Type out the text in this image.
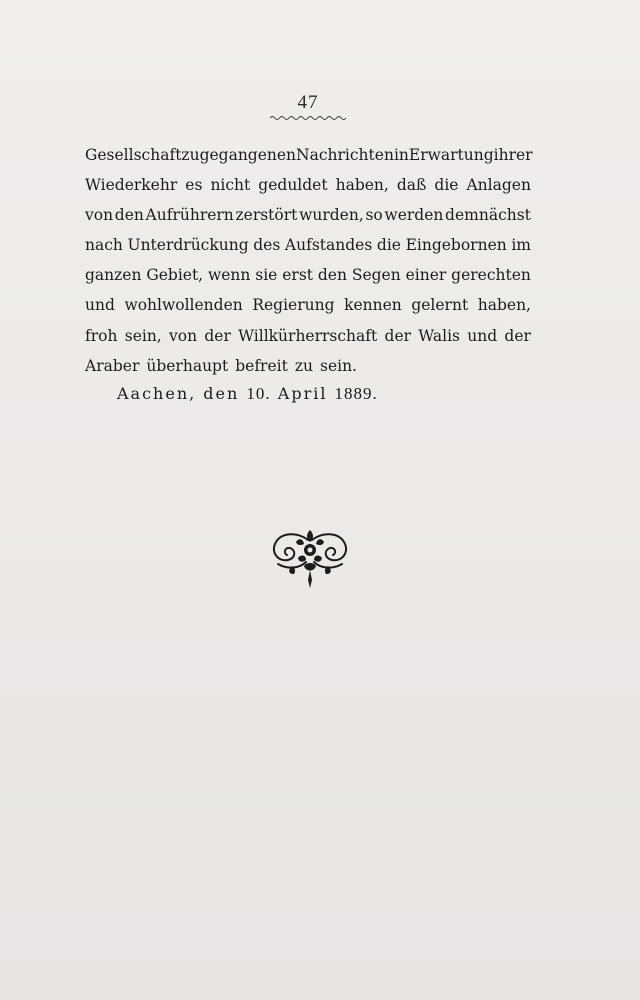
47
Gesellschaft zugegangenen Nachrichten in Erwartung ihrer
Wiederkehr es nicht geduldet haben, daß die Anlagen
von den Aufrührern zerstört wurden, so werden demnächst
nach Unterdrückung des Aufstandes die Eingebornen im
ganzen Gebiet, wenn sie erst den Segen einer gerechten
und wohlwollenden Regierung kennen gelernt haben,
froh sein, von der Willkürherrschaft der Walis und der
Araber überhaupt befreit zu sein.
Aachen, den 10. April 1889.
